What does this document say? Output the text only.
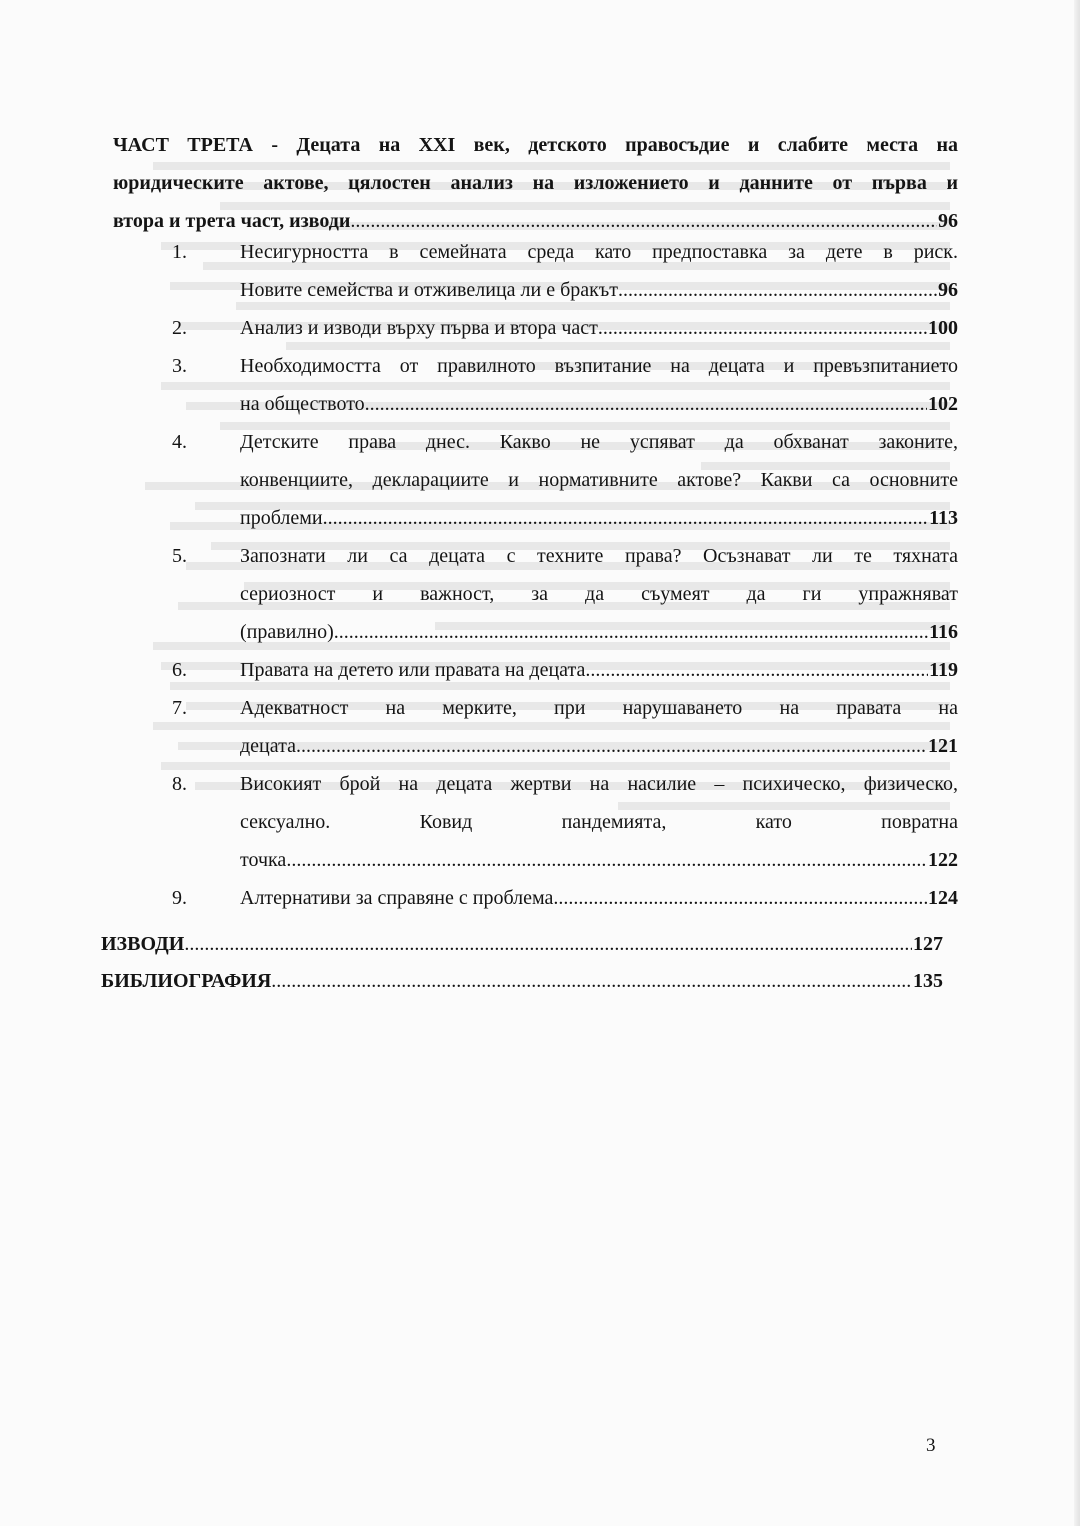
ЧАСТ ТРЕТА - Децата на XXI век, детското правосъдие и слабите места на
юридическите актове, цялостен анализ на изложението и данните от първа и
втора и трета част, изводи .....	96
1.	Несигурността в семейната среда като предпоставка за дете в риск.
Новите семейства и отживелица ли е бракът .....	96
2.	Анализ и изводи върху първа и втора част .....	100
3.	Необходимостта от правилното възпитание на децата и превъзпитанието
на обществото .....	102
4.	Детските права днес. Какво не успяват да обхванат законите,
конвенциите, декларациите и нормативните актове? Какви са основните
проблеми .....	113
5.	Запознати ли са децата с техните права? Осъзнават ли те тяхната
сериозност и важност, за да съумеят да ги упражняват
(правилно) .....	116
6.	Правата на детето или правата на децата .....	119
7.	Адекватност на мерките, при нарушаването на правата на
децата .....	121
8.	Високият брой на децата жертви на насилие – психическо, физическо,
сексуално. Ковид пандемията, като повратна
точка .....	122
9.	Алтернативи за справяне с проблема .....	124
ИЗВОДИ .....	127
БИБЛИОГРАФИЯ .....	135
3
